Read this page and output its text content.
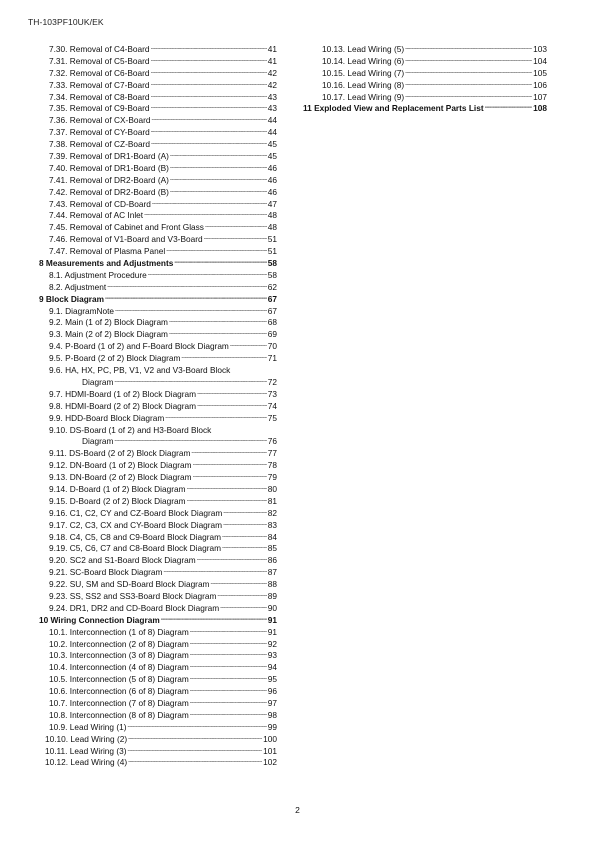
TH-103PF10UK/EK
7.30. Removal of C4-Board -----	41
7.31. Removal of C5-Board -----	41
7.32. Removal of C6-Board -----	42
7.33. Removal of C7-Board -----	42
7.34. Removal of C8-Board -----	43
7.35. Removal of C9-Board -----	43
7.36. Removal of CX-Board -----	44
7.37. Removal of CY-Board -----	44
7.38. Removal of CZ-Board -----	45
7.39. Removal of DR1-Board (A) -----	45
7.40. Removal of DR1-Board (B) -----	46
7.41. Removal of DR2-Board (A) -----	46
7.42. Removal of DR2-Board (B) -----	46
7.43. Removal of CD-Board -----	47
7.44. Removal of AC Inlet -----	48
7.45. Removal of Cabinet and Front Glass -----	48
7.46. Removal of V1-Board and V3-Board -----	51
7.47. Removal of Plasma Panel -----	51
8 Measurements and Adjustments -----	58
8.1. Adjustment Procedure -----	58
8.2. Adjustment -----	62
9 Block Diagram -----	67
9.1. DiagramNote -----	67
9.2. Main (1 of 2) Block Diagram -----	68
9.3. Main (2 of 2) Block Diagram -----	69
9.4. P-Board (1 of 2) and F-Board Block Diagram -----	70
9.5. P-Board (2 of 2) Block Diagram -----	71
9.6. HA, HX, PC, PB, V1, V2 and V3-Board Block
Diagram -----	72
9.7. HDMI-Board (1 of 2) Block Diagram -----	73
9.8. HDMI-Board (2 of 2) Block Diagram -----	74
9.9. HDD-Board Block Diagram -----	75
9.10. DS-Board (1 of 2) and H3-Board Block
Diagram -----	76
9.11. DS-Board (2 of 2) Block Diagram -----	77
9.12. DN-Board (1 of 2) Block Diagram -----	78
9.13. DN-Board (2 of 2) Block Diagram -----	79
9.14. D-Board (1 of 2) Block Diagram -----	80
9.15. D-Board (2 of 2) Block Diagram -----	81
9.16. C1, C2, CY and CZ-Board Block Diagram -----	82
9.17. C2, C3, CX and CY-Board Block Diagram -----	83
9.18. C4, C5, C8 and C9-Board Block Diagram -----	84
9.19. C5, C6, C7 and C8-Board Block Diagram -----	85
9.20. SC2 and S1-Board Block Diagram -----	86
9.21. SC-Board Block Diagram -----	87
9.22. SU, SM and SD-Board Block Diagram -----	88
9.23. SS, SS2 and SS3-Board Block Diagram -----	89
9.24. DR1, DR2 and CD-Board Block Diagram -----	90
10 Wiring Connection Diagram -----	91
10.1. Interconnection (1 of 8) Diagram -----	91
10.2. Interconnection (2 of 8) Diagram -----	92
10.3. Interconnection (3 of 8) Diagram -----	93
10.4. Interconnection (4 of 8) Diagram -----	94
10.5. Interconnection (5 of 8) Diagram -----	95
10.6. Interconnection (6 of 8) Diagram -----	96
10.7. Interconnection (7 of 8) Diagram -----	97
10.8. Interconnection (8 of 8) Diagram -----	98
10.9. Lead Wiring (1) -----	99
10.10. Lead Wiring (2) -----	100
10.11. Lead Wiring (3) -----	101
10.12. Lead Wiring (4) -----	102
10.13. Lead Wiring (5) -----	103
10.14. Lead Wiring (6) -----	104
10.15. Lead Wiring (7) -----	105
10.16. Lead Wiring (8) -----	106
10.17. Lead Wiring (9) -----	107
11 Exploded View and Replacement Parts List -----	108
2
